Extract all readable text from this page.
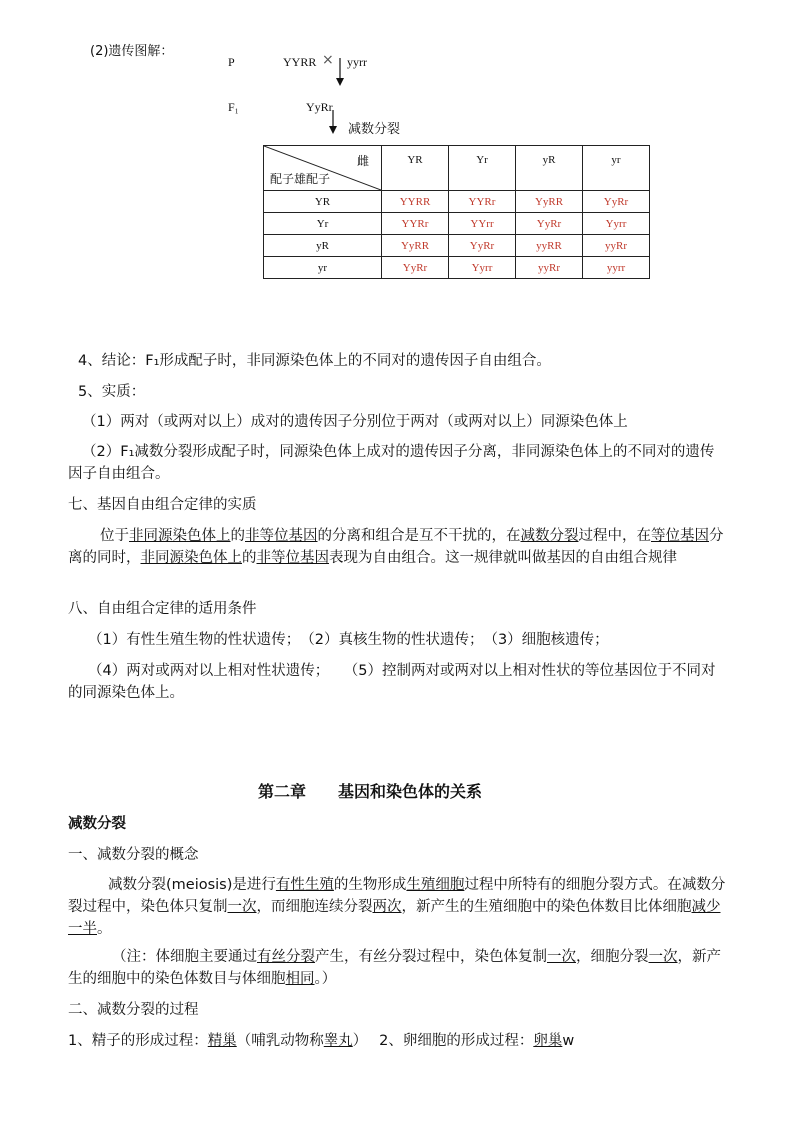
(2)遗传图解：
P	YYRR × yyrr
F₁	YyRr
减数分裂
雌
配子雄配子	YR	Yr	yR	yr
YR	YYRR	YYRr	YyRR	YyRr
Yr	YYRr	YYrr	YyRr	Yyrr
yR	YyRR	YyRr	yyRR	yyRr
yr	YyRr	Yyrr	yyRr	yyrr
4、结论：F₁形成配子时，非同源染色体上的不同对的遗传因子自由组合。
5、实质：
（1）两对（或两对以上）成对的遗传因子分别位于两对（或两对以上）同源染色体上
（2）F₁减数分裂形成配子时，同源染色体上成对的遗传因子分离，非同源染色体上的不同对的遗传因子自由组合。
七、基因自由组合定律的实质
位于非同源染色体上的非等位基因的分离和组合是互不干扰的，在减数分裂过程中，在等位基因分离的同时，非同源染色体上的非等位基因表现为自由组合。这一规律就叫做基因的自由组合规律
八、自由组合定律的适用条件
（1）有性生殖生物的性状遗传；　（2）真核生物的性状遗传；　（3）细胞核遗传；
（4）两对或两对以上相对性状遗传；　　（5）控制两对或两对以上相对性状的等位基因位于不同对的同源染色体上。
第二章　　基因和染色体的关系
减数分裂
一、减数分裂的概念
减数分裂(meiosis)是进行有性生殖的生物形成生殖细胞过程中所特有的细胞分裂方式。在减数分裂过程中，染色体只复制一次，而细胞连续分裂两次，新产生的生殖细胞中的染色体数目比体细胞减少一半。
（注：体细胞主要通过有丝分裂产生，有丝分裂过程中，染色体复制一次，细胞分裂一次，新产生的细胞中的染色体数目与体细胞相同。）
二、减数分裂的过程
1、精子的形成过程：精巢（哺乳动物称睾丸）　 2、卵细胞的形成过程：卵巢w
